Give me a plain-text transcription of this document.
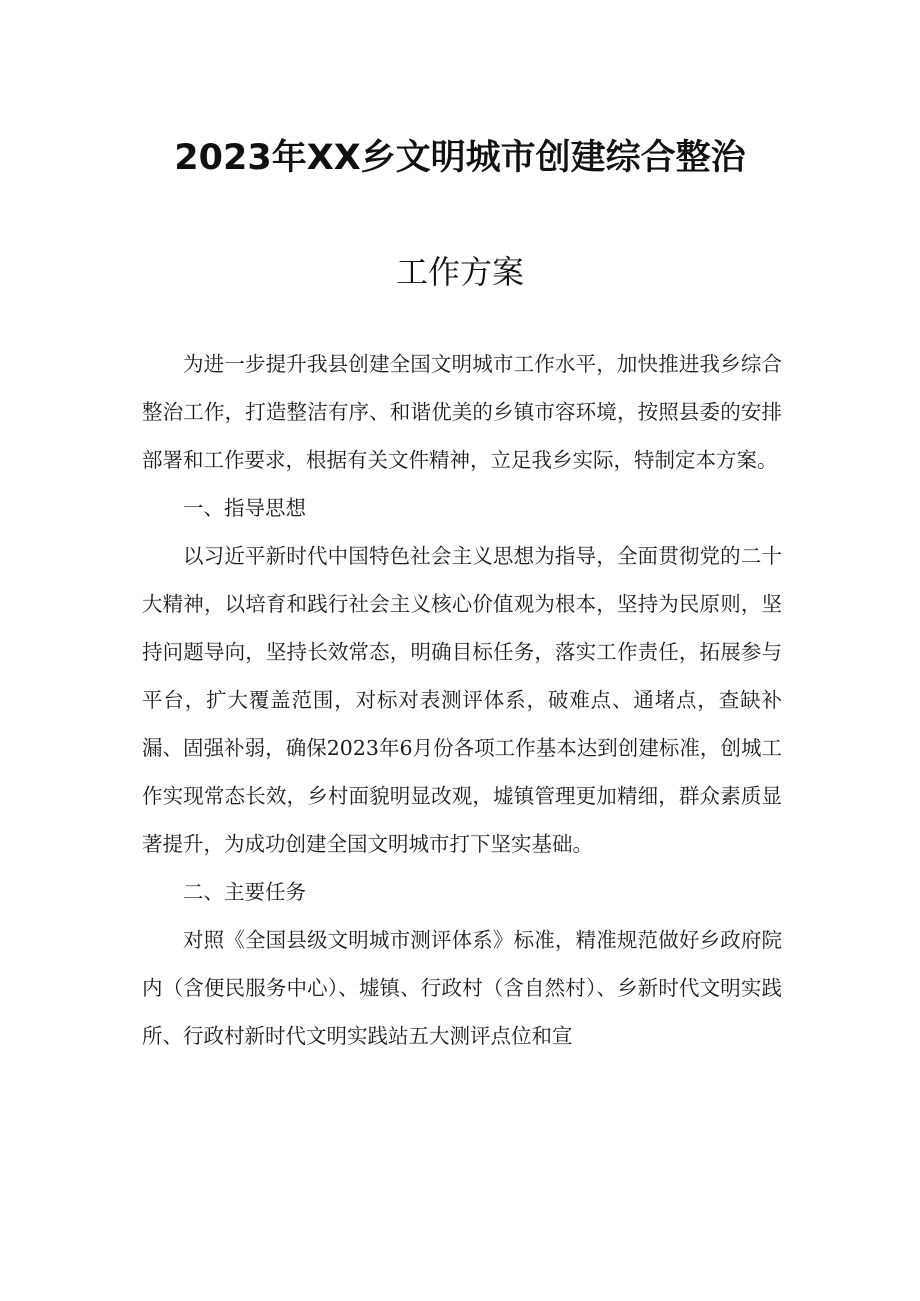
2023年XX乡文明城市创建综合整治
工作方案

为进一步提升我县创建全国文明城市工作水平，加快推进我乡综合整治工作，打造整洁有序、和谐优美的乡镇市容环境，按照县委的安排部署和工作要求，根据有关文件精神，立足我乡实际，特制定本方案。

一、指导思想

以习近平新时代中国特色社会主义思想为指导，全面贯彻党的二十大精神，以培育和践行社会主义核心价值观为根本，坚持为民原则，坚持问题导向，坚持长效常态，明确目标任务，落实工作责任，拓展参与平台，扩大覆盖范围，对标对表测评体系，破难点、通堵点，查缺补漏、固强补弱，确保2023年6月份各项工作基本达到创建标准，创城工作实现常态长效，乡村面貌明显改观，墟镇管理更加精细，群众素质显著提升，为成功创建全国文明城市打下坚实基础。

二、主要任务

对照《全国县级文明城市测评体系》标准，精准规范做好乡政府院内（含便民服务中心）、墟镇、行政村（含自然村）、乡新时代文明实践所、行政村新时代文明实践站五大测评点位和宣
